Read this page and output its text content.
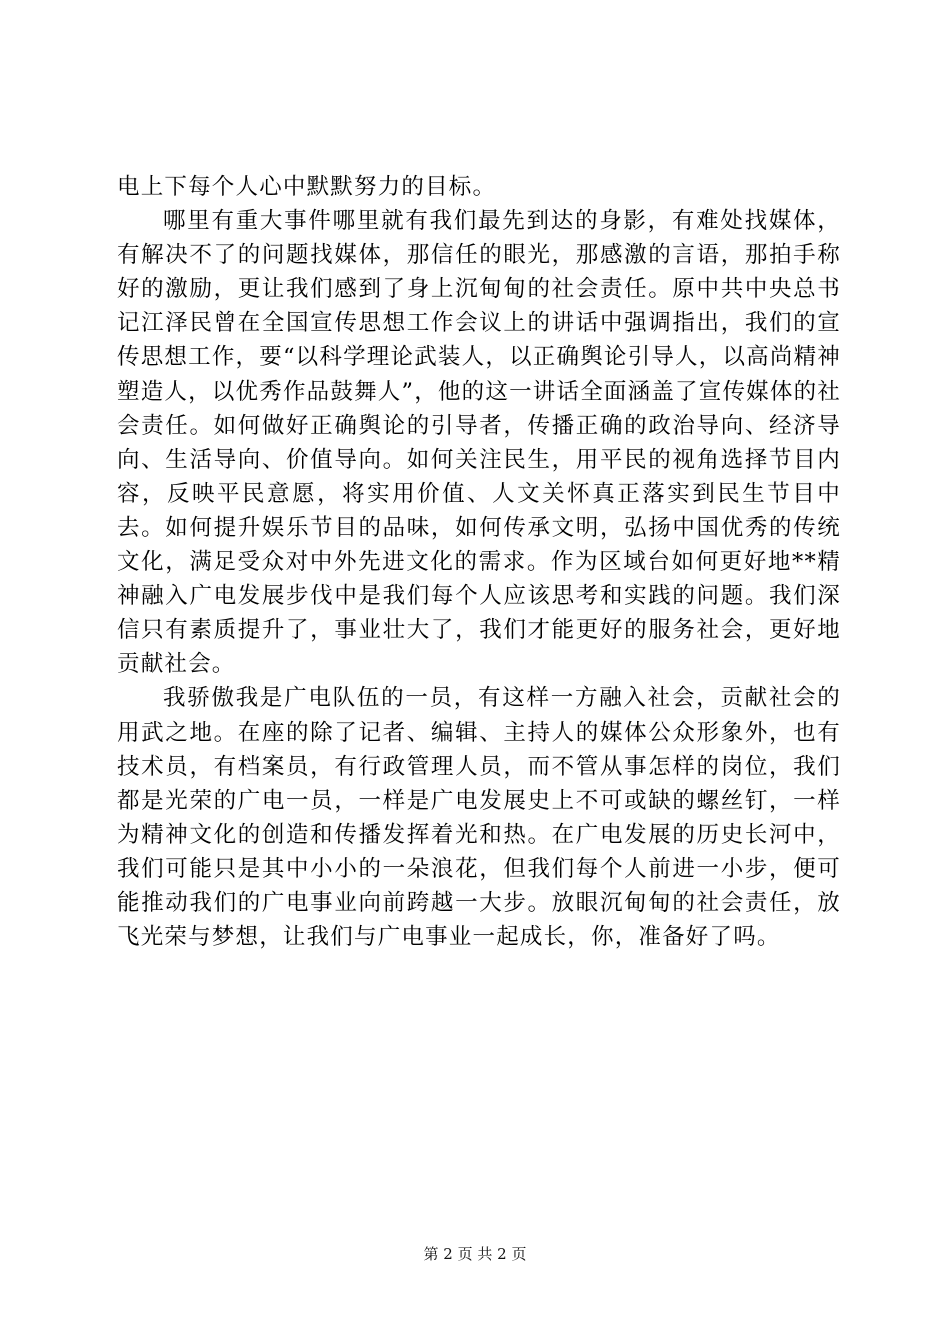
电上下每个人心中默默努力的目标。

哪里有重大事件哪里就有我们最先到达的身影，有难处找媒体，有解决不了的问题找媒体，那信任的眼光，那感激的言语，那拍手称好的激励，更让我们感到了身上沉甸甸的社会责任。原中共中央总书记江泽民曾在全国宣传思想工作会议上的讲话中强调指出，我们的宣传思想工作，要“以科学理论武装人，以正确舆论引导人，以高尚精神塑造人，以优秀作品鼓舞人”，他的这一讲话全面涵盖了宣传媒体的社会责任。如何做好正确舆论的引导者，传播正确的政治导向、经济导向、生活导向、价值导向。如何关注民生，用平民的视角选择节目内容，反映平民意愿，将实用价值、人文关怀真正落实到民生节目中去。如何提升娱乐节目的品味，如何传承文明，弘扬中国优秀的传统文化，满足受众对中外先进文化的需求。作为区域台如何更好地**精神融入广电发展步伐中是我们每个人应该思考和实践的问题。我们深信只有素质提升了，事业壮大了，我们才能更好的服务社会，更好地贡献社会。

我骄傲我是广电队伍的一员，有这样一方融入社会，贡献社会的用武之地。在座的除了记者、编辑、主持人的媒体公众形象外，也有技术员，有档案员，有行政管理人员，而不管从事怎样的岗位，我们都是光荣的广电一员，一样是广电发展史上不可或缺的螺丝钉，一样为精神文化的创造和传播发挥着光和热。在广电发展的历史长河中，我们可能只是其中小小的一朵浪花，但我们每个人前进一小步，便可能推动我们的广电事业向前跨越一大步。放眼沉甸甸的社会责任，放飞光荣与梦想，让我们与广电事业一起成长，你，准备好了吗。

第 2 页 共 2 页
